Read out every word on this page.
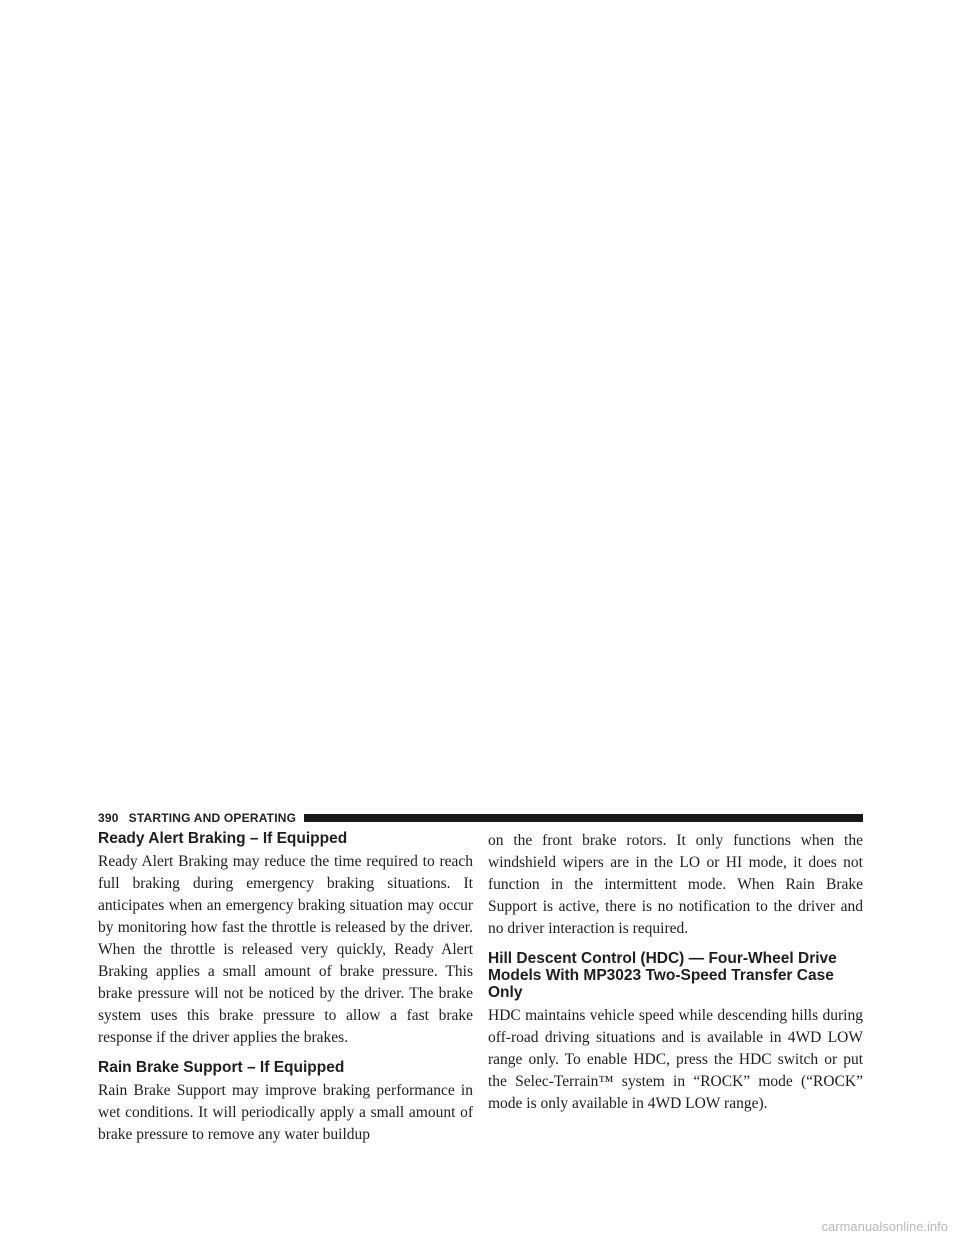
390 STARTING AND OPERATING
Ready Alert Braking – If Equipped

Ready Alert Braking may reduce the time required to reach full braking during emergency braking situations. It anticipates when an emergency braking situation may occur by monitoring how fast the throttle is released by the driver. When the throttle is released very quickly, Ready Alert Braking applies a small amount of brake pressure. This brake pressure will not be noticed by the driver. The brake system uses this brake pressure to allow a fast brake response if the driver applies the brakes.

Rain Brake Support – If Equipped

Rain Brake Support may improve braking performance in wet conditions. It will periodically apply a small amount of brake pressure to remove any water buildup

on the front brake rotors. It only functions when the windshield wipers are in the LO or HI mode, it does not function in the intermittent mode. When Rain Brake Support is active, there is no notification to the driver and no driver interaction is required.

Hill Descent Control (HDC) — Four-Wheel Drive Models With MP3023 Two-Speed Transfer Case Only

HDC maintains vehicle speed while descending hills during off-road driving situations and is available in 4WD LOW range only. To enable HDC, press the HDC switch or put the Selec-Terrain™ system in “ROCK” mode (“ROCK” mode is only available in 4WD LOW range).

carmanualsonline.info
